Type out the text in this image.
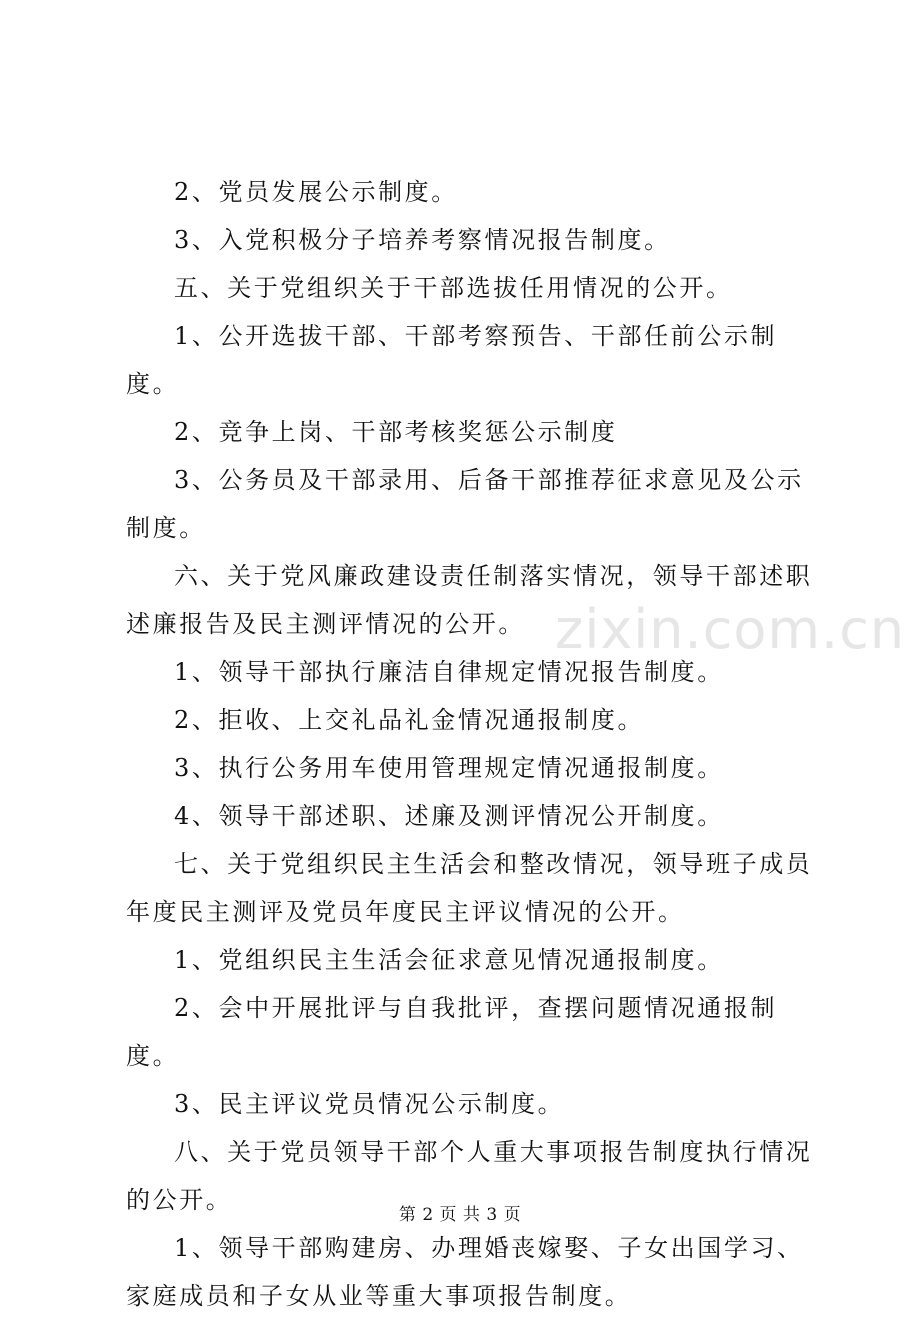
zixin.com.cn

2、党员发展公示制度。

3、入党积极分子培养考察情况报告制度。

五、关于党组织关于干部选拔任用情况的公开。

1、公开选拔干部、干部考察预告、干部任前公示制度。

2、竞争上岗、干部考核奖惩公示制度

3、公务员及干部录用、后备干部推荐征求意见及公示制度。

六、关于党风廉政建设责任制落实情况，领导干部述职述廉报告及民主测评情况的公开。

1、领导干部执行廉洁自律规定情况报告制度。

2、拒收、上交礼品礼金情况通报制度。

3、执行公务用车使用管理规定情况通报制度。

4、领导干部述职、述廉及测评情况公开制度。

七、关于党组织民主生活会和整改情况，领导班子成员年度民主测评及党员年度民主评议情况的公开。

1、党组织民主生活会征求意见情况通报制度。

2、会中开展批评与自我批评，查摆问题情况通报制度。

3、民主评议党员情况公示制度。

八、关于党员领导干部个人重大事项报告制度执行情况的公开。

1、领导干部购建房、办理婚丧嫁娶、子女出国学习、家庭成员和子女从业等重大事项报告制度。

第 2 页 共 3 页
